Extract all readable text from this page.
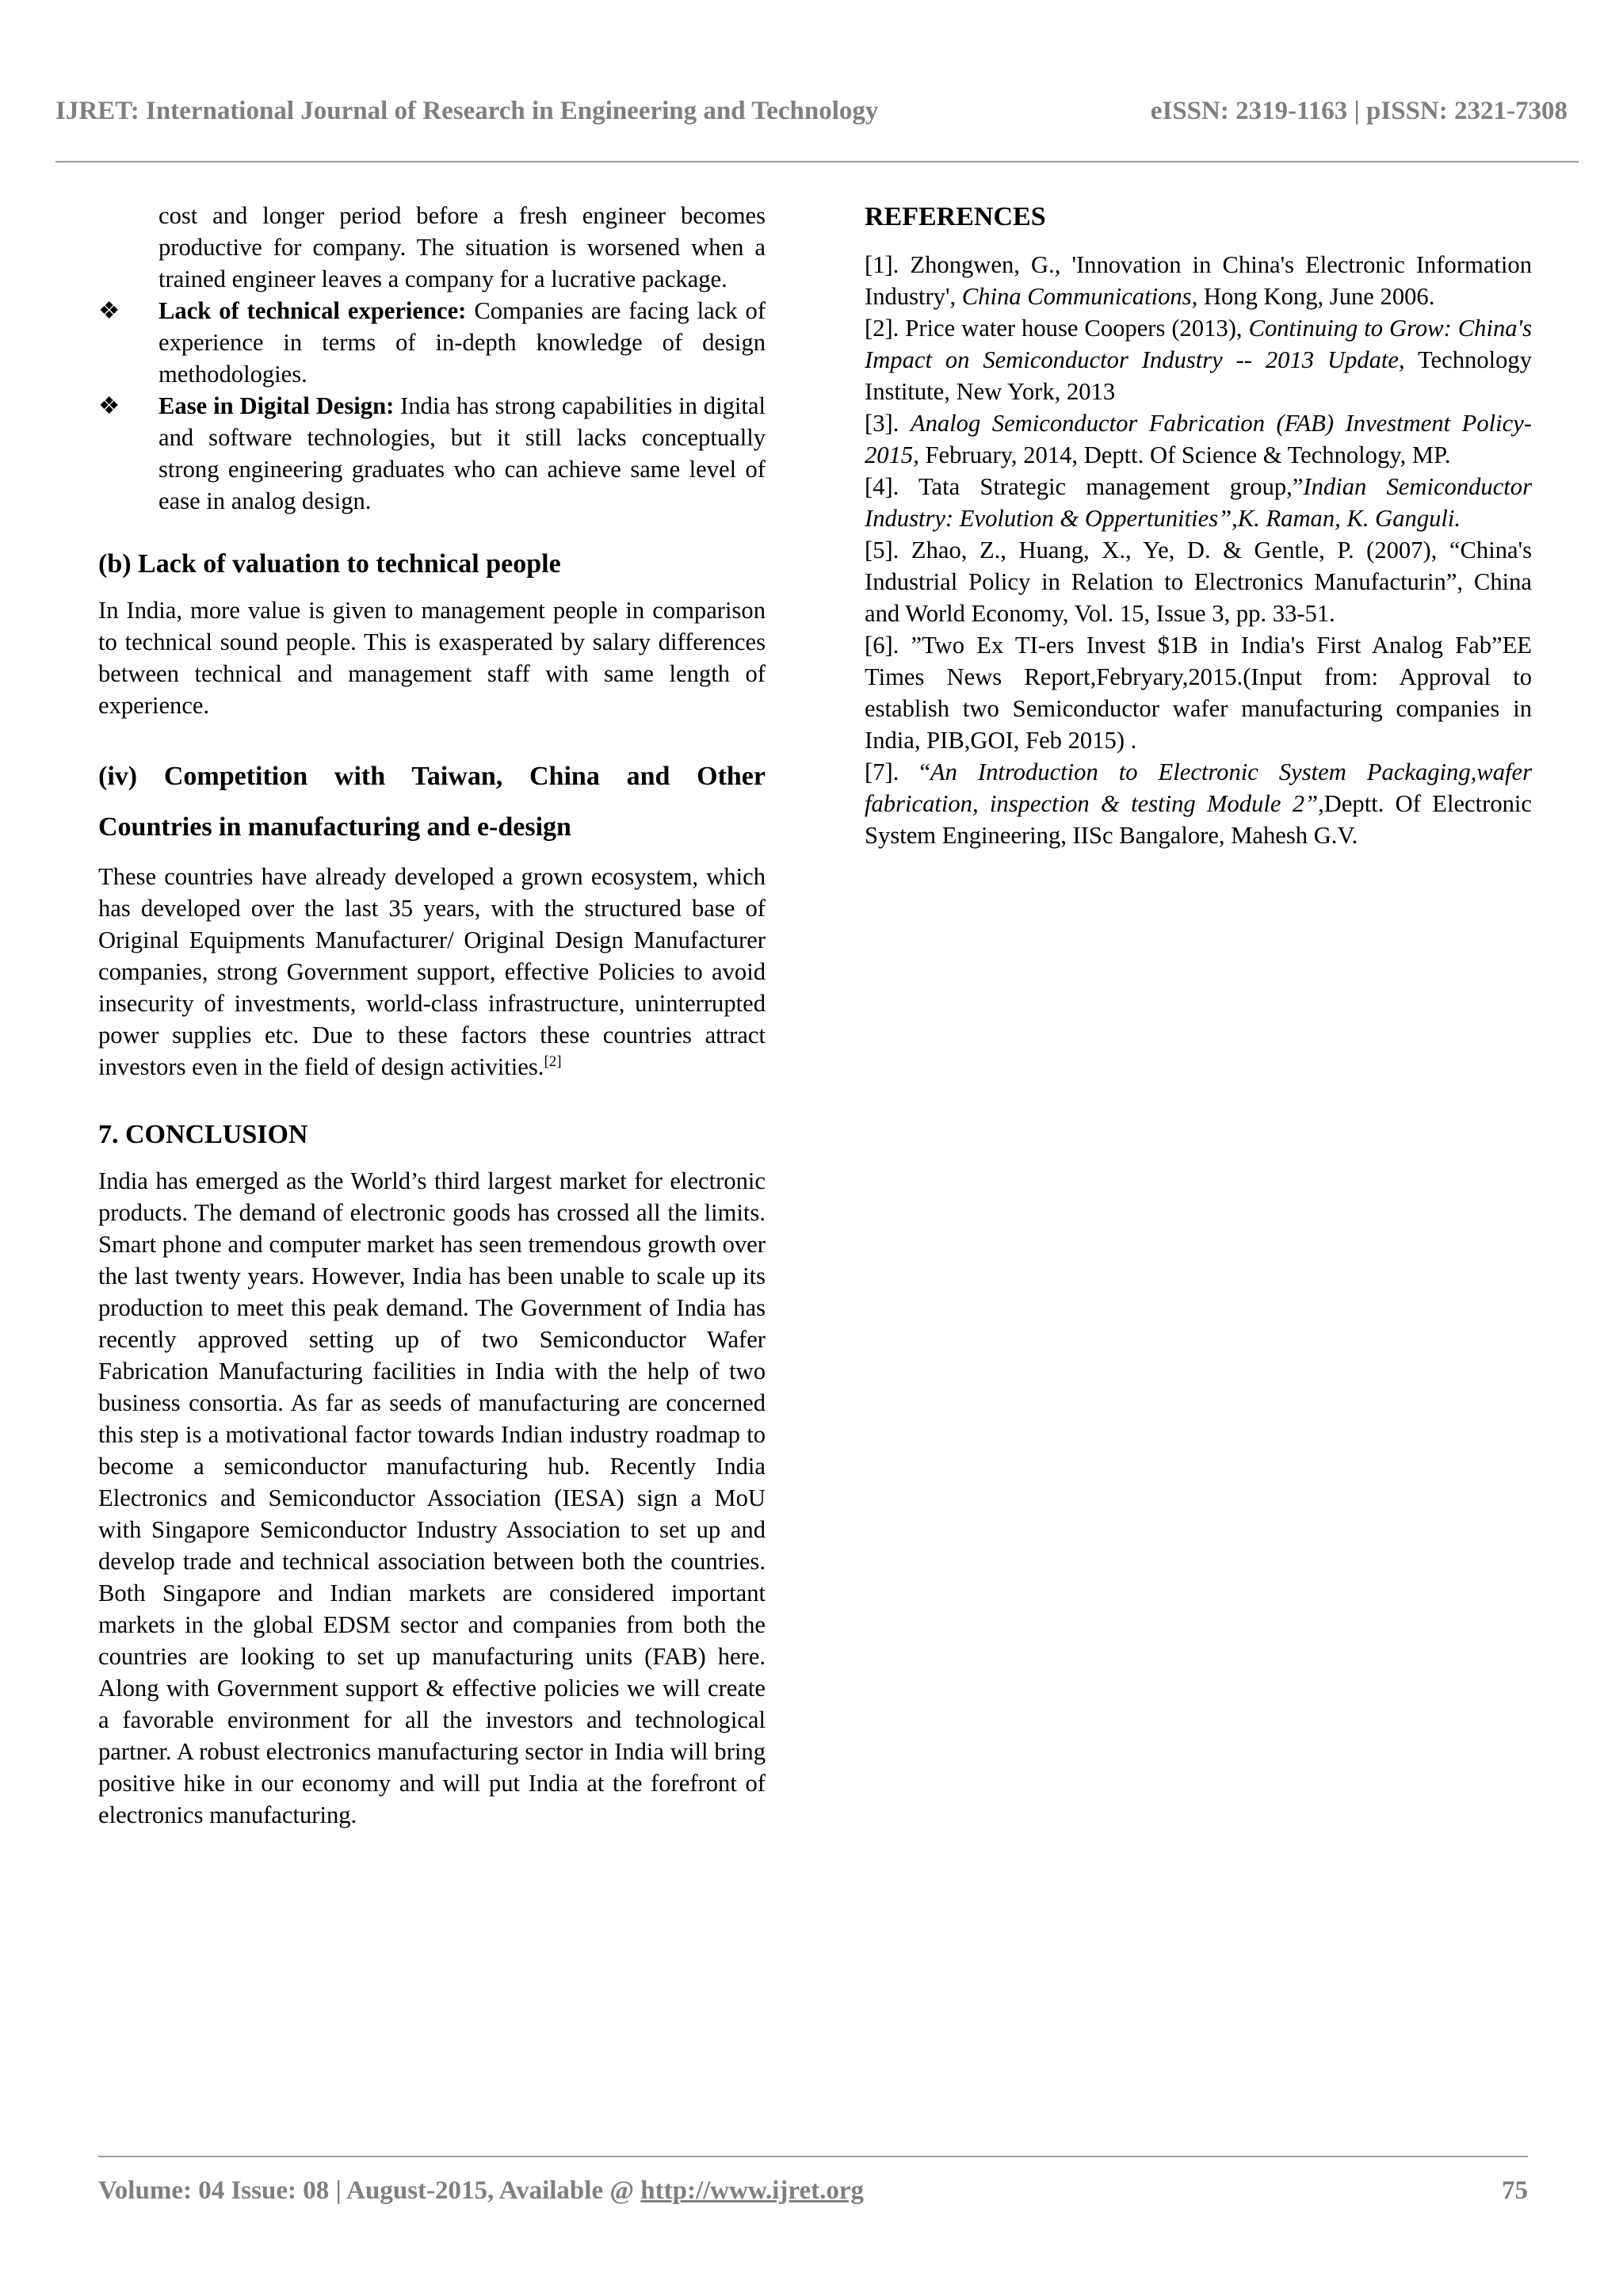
IJRET: International Journal of Research in Engineering and Technology	eISSN: 2319-1163 | pISSN: 2321-7308

cost and longer period before a fresh engineer becomes productive for company. The situation is worsened when a trained engineer leaves a company for a lucrative package.

❖ Lack of technical experience: Companies are facing lack of experience in terms of in-depth knowledge of design methodologies.
❖ Ease in Digital Design: India has strong capabilities in digital and software technologies, but it still lacks conceptually strong engineering graduates who can achieve same level of ease in analog design.
(b) Lack of valuation to technical people

In India, more value is given to management people in comparison to technical sound people. This is exasperated by salary differences between technical and management staff with same length of experience.

(iv) Competition with Taiwan, China and Other
Countries in manufacturing and e-design

These countries have already developed a grown ecosystem, which has developed over the last 35 years, with the structured base of Original Equipments Manufacturer/ Original Design Manufacturer companies, strong Government support, effective Policies to avoid insecurity of investments, world-class infrastructure, uninterrupted power supplies etc. Due to these factors these countries attract investors even in the field of design activities.[2]

7. CONCLUSION

India has emerged as the World’s third largest market for electronic products. The demand of electronic goods has crossed all the limits. Smart phone and computer market has seen tremendous growth over the last twenty years. However, India has been unable to scale up its production to meet this peak demand. The Government of India has recently approved setting up of two Semiconductor Wafer Fabrication Manufacturing facilities in India with the help of two business consortia. As far as seeds of manufacturing are concerned this step is a motivational factor towards Indian industry roadmap to become a semiconductor manufacturing hub. Recently India Electronics and Semiconductor Association (IESA) sign a MoU with Singapore Semiconductor Industry Association to set up and develop trade and technical association between both the countries. Both Singapore and Indian markets are considered important markets in the global EDSM sector and companies from both the countries are looking to set up manufacturing units (FAB) here. Along with Government support & effective policies we will create a favorable environment for all the investors and technological partner. A robust electronics manufacturing sector in India will bring positive hike in our economy and will put India at the forefront of electronics manufacturing.

REFERENCES
[1]. Zhongwen, G., 'Innovation in China's Electronic Information Industry', China Communications, Hong Kong, June 2006.
[2]. Price water house Coopers (2013), Continuing to Grow: China's Impact on Semiconductor Industry -- 2013 Update, Technology Institute, New York, 2013
[3]. Analog Semiconductor Fabrication (FAB) Investment Policy-2015, February, 2014, Deptt. Of Science & Technology, MP.
[4]. Tata Strategic management group,”Indian Semiconductor Industry: Evolution & Oppertunities”,K. Raman, K. Ganguli.
[5]. Zhao, Z., Huang, X., Ye, D. & Gentle, P. (2007), “China's Industrial Policy in Relation to Electronics Manufacturin”, China and World Economy, Vol. 15, Issue 3, pp. 33-51.
[6]. ”Two Ex TI-ers Invest $1B in India's First Analog Fab”EE Times News Report,Febryary,2015.(Input from: Approval to establish two Semiconductor wafer manufacturing companies in India, PIB,GOI, Feb 2015) .
[7]. “An Introduction to Electronic System Packaging,wafer fabrication, inspection & testing Module 2”,Deptt. Of Electronic System Engineering, IISc Bangalore, Mahesh G.V.
Volume: 04 Issue: 08 | August-2015, Available @ http://www.ijret.org	75
